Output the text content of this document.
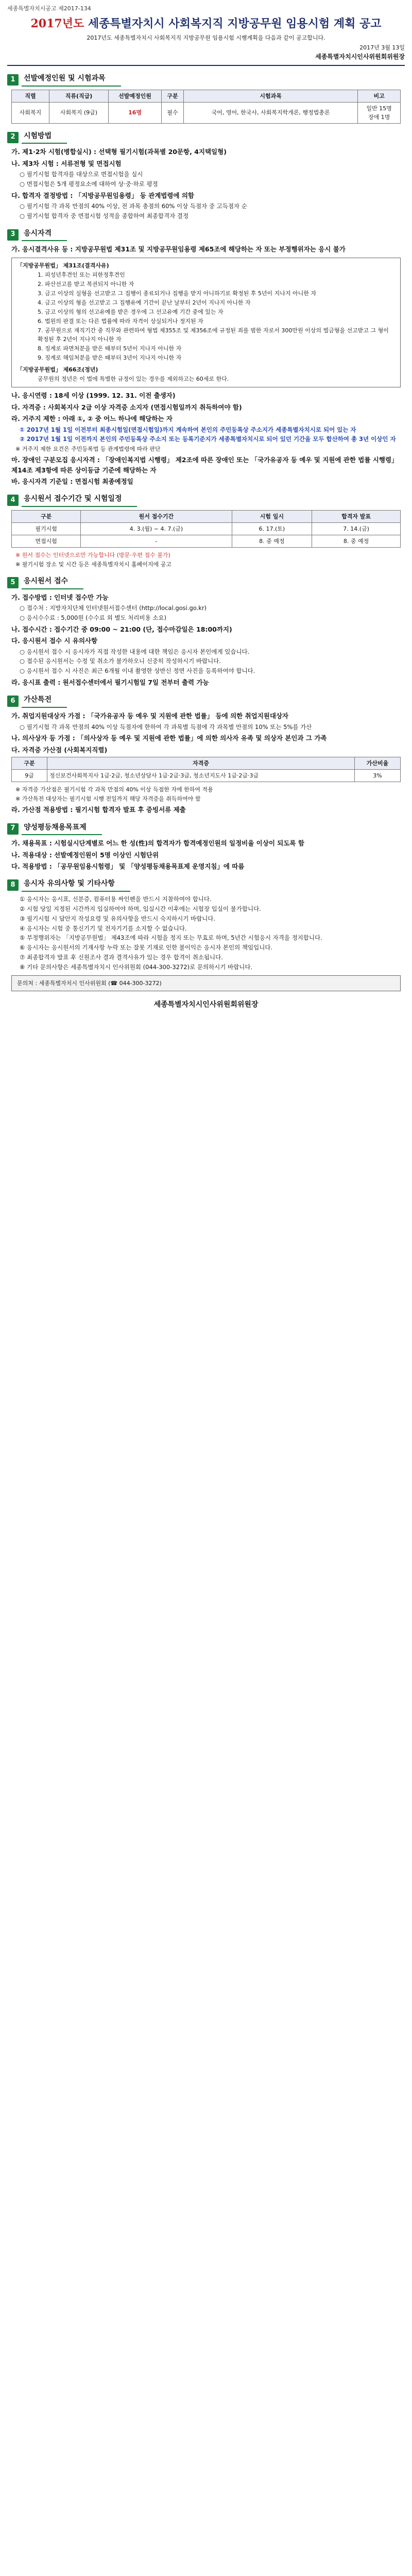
세종특별자치시공고 제2017-134
2017년도 세종특별자치시 사회복지직 지방공무원 임용시험 계획 공고
2017년도 세종특별자치시 사회복지직 지방공무원 임용시험 시행계획을 다음과 같이 공고합니다.
2017년 3월 13일
세종특별자치시인사위원회위원장
1	선발예정인원 및 시험과목
직렬	직류(직급)	선발예정인원	구분	시험과목	비고
사회복지	사회복지 (9급)	16명	필수	국어, 영어, 한국사, 사회복지학개론, 행정법총론	일반 15명
장애 1명
2	시험방법
가. 제1·2차 시험(병합실시) : 선택형 필기시험(과목별 20문항, 4지택일형)
나. 제3차 시험 : 서류전형 및 면접시험
○ 필기시험 합격자를 대상으로 면접시험을 실시
○ 면접시험은 5개 평정요소에 대하여 상·중·하로 평정
다. 합격자 결정방법 : 「지방공무원임용령」 등 관계법령에 의함
○ 필기시험 각 과목 만점의 40% 이상, 전 과목 총점의 60% 이상 득점자 중 고득점자 순
○ 필기시험 합격자 중 면접시험 성적을 종합하여 최종합격자 결정
3	응시자격
가. 응시결격사유 등 : 지방공무원법 제31조 및 지방공무원임용령 제65조에 해당하는 자 또는 부정행위자는 응시 불가
「지방공무원법」 제31조(결격사유)
1. 피성년후견인 또는 피한정후견인
2. 파산선고를 받고 복권되지 아니한 자
3. 금고 이상의 실형을 선고받고 그 집행이 종료되거나 집행을 받지 아니하기로 확정된 후 5년이 지나지 아니한 자
4. 금고 이상의 형을 선고받고 그 집행유예 기간이 끝난 날부터 2년이 지나지 아니한 자
5. 금고 이상의 형의 선고유예를 받은 경우에 그 선고유예 기간 중에 있는 자
6. 법원의 판결 또는 다른 법률에 따라 자격이 상실되거나 정지된 자
7. 공무원으로 재직기간 중 직무와 관련하여 형법 제355조 및 제356조에 규정된 죄를 범한 자로서 300만원 이상의 벌금형을 선고받고 그 형이 확정된 후 2년이 지나지 아니한 자
8. 징계로 파면처분을 받은 때부터 5년이 지나지 아니한 자
9. 징계로 해임처분을 받은 때부터 3년이 지나지 아니한 자
「지방공무원법」 제66조(정년)
공무원의 정년은 이 법에 특별한 규정이 있는 경우를 제외하고는 60세로 한다.
나. 응시연령 : 18세 이상 (1999. 12. 31. 이전 출생자)
다. 자격증 : 사회복지사 2급 이상 자격증 소지자 (면접시험일까지 취득하여야 함)
라. 거주지 제한 : 아래 ①, ② 중 어느 하나에 해당하는 자
① 2017년 1월 1일 이전부터 최종시험일(면접시험일)까지 계속하여 본인의 주민등록상 주소지가 세종특별자치시로 되어 있는 자
② 2017년 1월 1일 이전까지 본인의 주민등록상 주소지 또는 등록기준지가 세종특별자치시로 되어 있던 기간을 모두 합산하여 총 3년 이상인 자
※ 거주지 제한 요건은 주민등록법 등 관계법령에 따라 판단
마. 장애인 구분모집 응시자격 : 「장애인복지법 시행령」 제2조에 따른 장애인 또는 「국가유공자 등 예우 및 지원에 관한 법률 시행령」 제14조 제3항에 따른 상이등급 기준에 해당하는 자
바. 응시자격 기준일 : 면접시험 최종예정일
4	응시원서 접수기간 및 시험일정
구분	원서 접수기간	시험 일시	합격자 발표
필기시험	4. 3.(월) ~ 4. 7.(금)	6. 17.(토)	7. 14.(금)
면접시험	-	8. 중 예정	8. 중 예정
※ 원서 접수는 인터넷으로만 가능합니다 (방문·우편 접수 불가)
※ 필기시험 장소 및 시간 등은 세종특별자치시 홈페이지에 공고
5	응시원서 접수
가. 접수방법 : 인터넷 접수만 가능
○ 접수처 : 지방자치단체 인터넷원서접수센터 (http://local.gosi.go.kr)
○ 응시수수료 : 5,000원 (수수료 외 별도 처리비용 소요)
나. 접수시간 : 접수기간 중 09:00 ~ 21:00 (단, 접수마감일은 18:00까지)
다. 응시원서 접수 시 유의사항
○ 응시원서 접수 시 응시자가 직접 작성한 내용에 대한 책임은 응시자 본인에게 있습니다.
○ 접수된 응시원서는 수정 및 취소가 불가하오니 신중히 작성하시기 바랍니다.
○ 응시원서 접수 시 사진은 최근 6개월 이내 촬영한 상반신 정면 사진을 등록하여야 합니다.
라. 응시표 출력 : 원서접수센터에서 필기시험일 7일 전부터 출력 가능
6	가산특전
가. 취업지원대상자 가점 : 「국가유공자 등 예우 및 지원에 관한 법률」 등에 의한 취업지원대상자
○ 필기시험 각 과목 만점의 40% 이상 득점자에 한하여 각 과목별 득점에 각 과목별 만점의 10% 또는 5%를 가산
나. 의사상자 등 가점 : 「의사상자 등 예우 및 지원에 관한 법률」에 의한 의사자 유족 및 의상자 본인과 그 가족
다. 자격증 가산점 (사회복지직렬)
구분	자격증	가산비율
9급	정신보건사회복지사 1급·2급, 청소년상담사 1급·2급·3급, 청소년지도사 1급·2급·3급	3%
※ 자격증 가산점은 필기시험 각 과목 만점의 40% 이상 득점한 자에 한하여 적용
※ 가산특전 대상자는 필기시험 시행 전일까지 해당 자격증을 취득하여야 함
라. 가산점 적용방법 : 필기시험 합격자 발표 후 증빙서류 제출
7	양성평등채용목표제
가. 채용목표 : 시험실시단계별로 어느 한 성(性)의 합격자가 합격예정인원의 일정비율 이상이 되도록 함
나. 적용대상 : 선발예정인원이 5명 이상인 시험단위
다. 적용방법 : 「공무원임용시험령」 및 「양성평등채용목표제 운영지침」에 따름
8	응시자 유의사항 및 기타사항
① 응시자는 응시표, 신분증, 컴퓨터용 싸인펜을 반드시 지참하여야 합니다.
② 시험 당일 지정된 시간까지 입실하여야 하며, 입실시간 이후에는 시험장 입실이 불가합니다.
③ 필기시험 시 답안지 작성요령 및 유의사항을 반드시 숙지하시기 바랍니다.
④ 응시자는 시험 중 통신기기 및 전자기기를 소지할 수 없습니다.
⑤ 부정행위자는 「지방공무원법」 제43조에 따라 시험을 정지 또는 무효로 하며, 5년간 시험응시 자격을 정지합니다.
⑥ 응시자는 응시원서의 기재사항 누락 또는 잘못 기재로 인한 불이익은 응시자 본인의 책임입니다.
⑦ 최종합격자 발표 후 신원조사 결과 결격사유가 있는 경우 합격이 취소됩니다.
⑧ 기타 문의사항은 세종특별자치시 인사위원회 (044-300-3272)로 문의하시기 바랍니다.
문의처 : 세종특별자치시 인사위원회 (☎ 044-300-3272)
세종특별자치시인사위원회위원장
